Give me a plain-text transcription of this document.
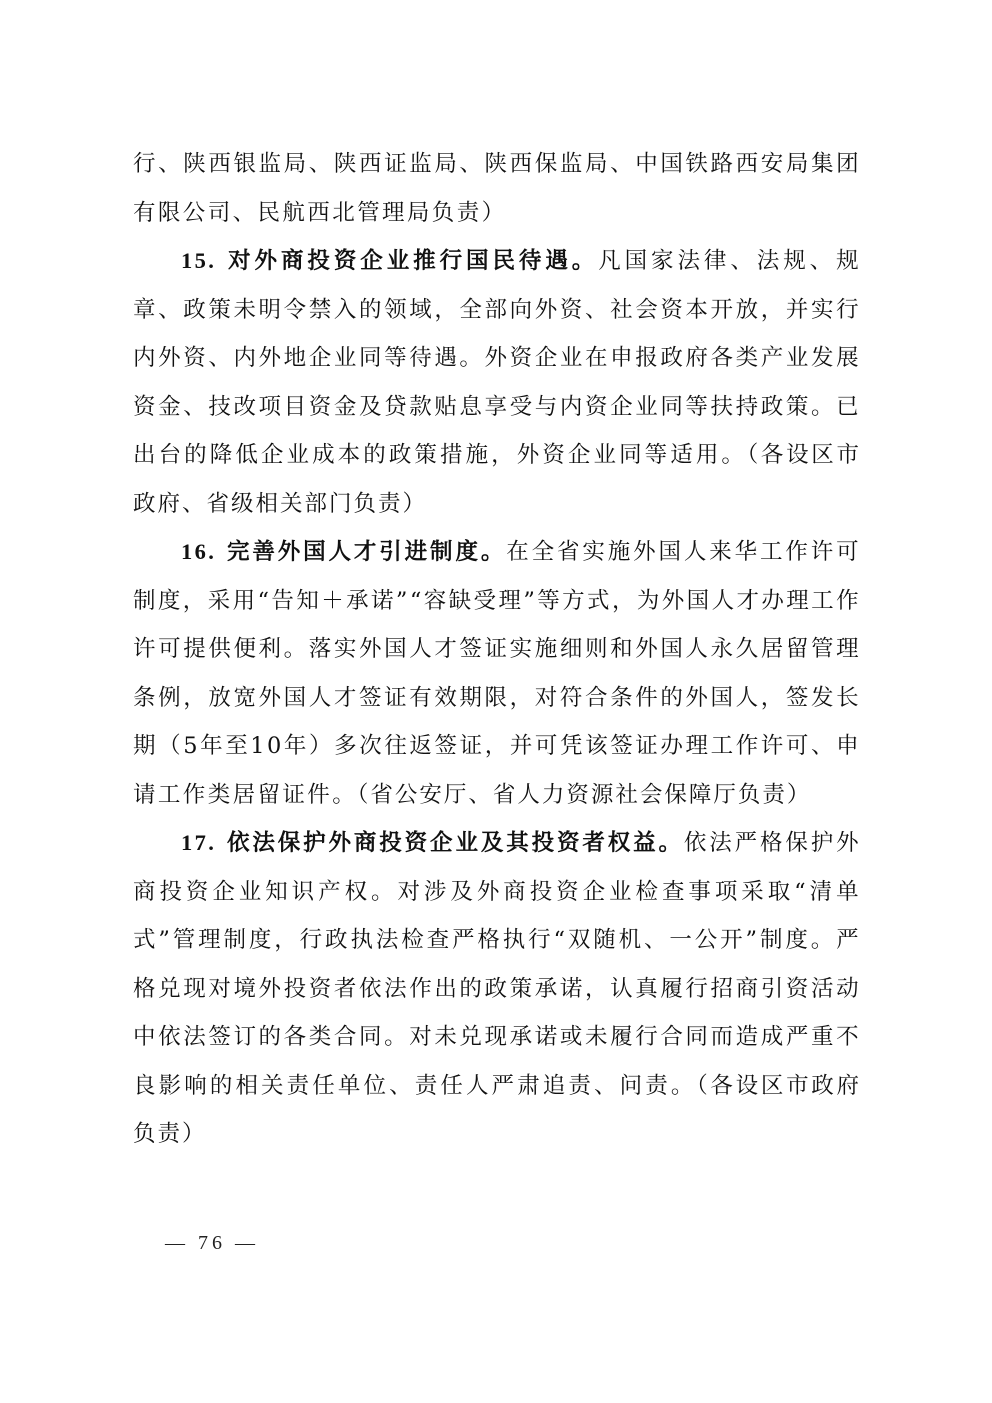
行、陕西银监局、陕西证监局、陕西保监局、中国铁路西安局集团有限公司、民航西北管理局负责）

15. 对外商投资企业推行国民待遇。凡国家法律、法规、规章、政策未明令禁入的领域，全部向外资、社会资本开放，并实行内外资、内外地企业同等待遇。外资企业在申报政府各类产业发展资金、技改项目资金及贷款贴息享受与内资企业同等扶持政策。已出台的降低企业成本的政策措施，外资企业同等适用。（各设区市政府、省级相关部门负责）

16. 完善外国人才引进制度。在全省实施外国人来华工作许可制度，采用“告知＋承诺”“容缺受理”等方式，为外国人才办理工作许可提供便利。落实外国人才签证实施细则和外国人永久居留管理条例，放宽外国人才签证有效期限，对符合条件的外国人，签发长期（5年至10年）多次往返签证，并可凭该签证办理工作许可、申请工作类居留证件。（省公安厅、省人力资源社会保障厅负责）

17. 依法保护外商投资企业及其投资者权益。依法严格保护外商投资企业知识产权。对涉及外商投资企业检查事项采取“清单式”管理制度，行政执法检查严格执行“双随机、一公开”制度。严格兑现对境外投资者依法作出的政策承诺，认真履行招商引资活动中依法签订的各类合同。对未兑现承诺或未履行合同而造成严重不良影响的相关责任单位、责任人严肃追责、问责。（各设区市政府负责）

— 76 —
